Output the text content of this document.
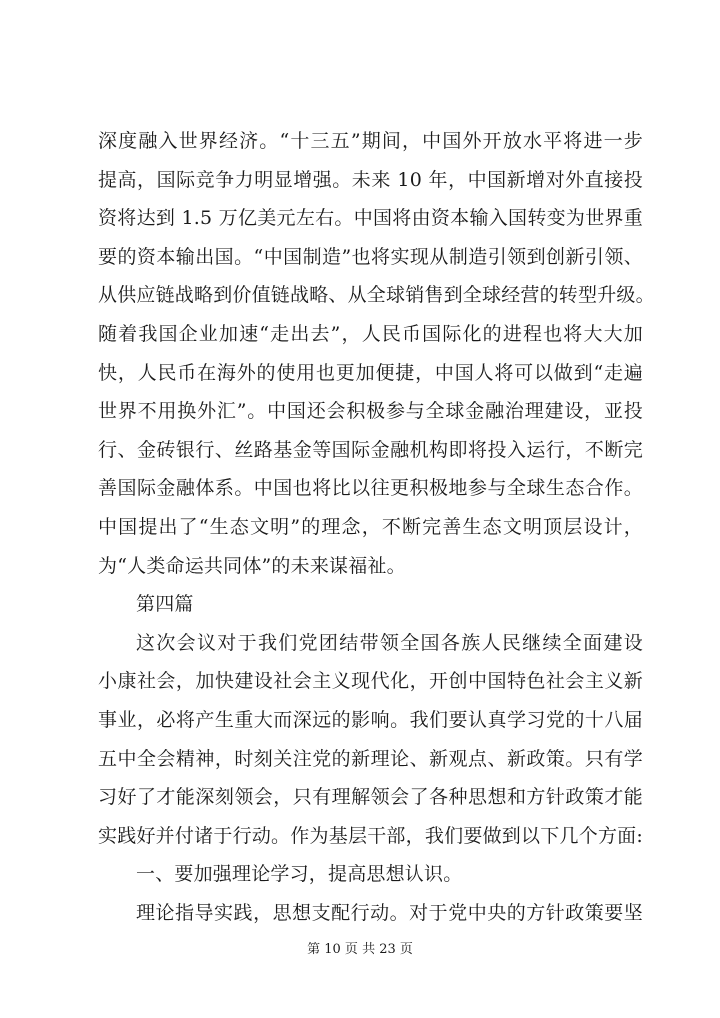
深度融入世界经济。“十三五”期间，中国外开放水平将进一步
提高，国际竞争力明显增强。未来 10 年，中国新增对外直接投
资将达到 1.5 万亿美元左右。中国将由资本输入国转变为世界重
要的资本输出国。“中国制造”也将实现从制造引领到创新引领、
从供应链战略到价值链战略、从全球销售到全球经营的转型升级。
随着我国企业加速“走出去”，人民币国际化的进程也将大大加
快，人民币在海外的使用也更加便捷，中国人将可以做到“走遍
世界不用换外汇”。中国还会积极参与全球金融治理建设，亚投
行、金砖银行、丝路基金等国际金融机构即将投入运行，不断完
善国际金融体系。中国也将比以往更积极地参与全球生态合作。
中国提出了“生态文明”的理念，不断完善生态文明顶层设计，
为“人类命运共同体”的未来谋福祉。
第四篇
这次会议对于我们党团结带领全国各族人民继续全面建设
小康社会，加快建设社会主义现代化，开创中国特色社会主义新
事业，必将产生重大而深远的影响。我们要认真学习党的十八届
五中全会精神，时刻关注党的新理论、新观点、新政策。只有学
习好了才能深刻领会，只有理解领会了各种思想和方针政策才能
实践好并付诸于行动。作为基层干部，我们要做到以下几个方面:
一、要加强理论学习，提高思想认识。
理论指导实践，思想支配行动。对于党中央的方针政策要坚
第 10 页 共 23 页
